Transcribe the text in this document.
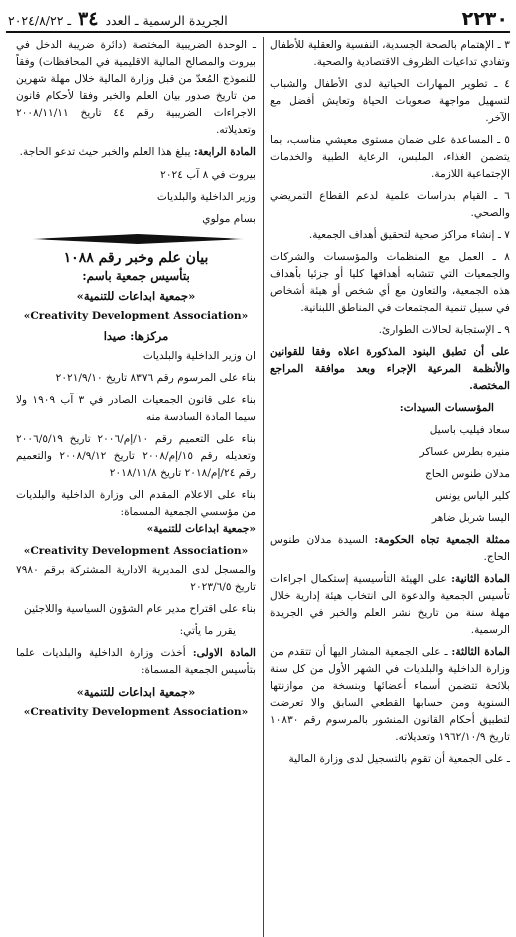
٢٢٣٠
الجريدة الرسمية ـ العدد ٣٤ ـ ٢٠٢٤/٨/٢٢

٣ ـ الإهتمام بالصحة الجسدية، النفسية والعقلية للأطفال وتفادي تداعيات الظروف الاقتصادية والصحية.

٤ ـ تطوير المهارات الحياتية لدى الأطفال والشباب لتسهيل مواجهة صعوبات الحياة وتعايش أفضل مع الآخر.

٥ ـ المساعدة على ضمان مستوى معيشي مناسب، بما يتضمن الغذاء، الملبس، الرعاية الطبية والخدمات الإجتماعية اللازمة.

٦ ـ القيام بدراسات علمية لدعم القطاع التمريضي والصحي.

٧ ـ إنشاء مراكز صحية لتحقيق أهداف الجمعية.

٨ ـ العمل مع المنظمات والمؤسسات والشركات والجمعيات التي تتشابه أهدافها كليا أو جزئيا بأهداف هذه الجمعية، والتعاون مع أي شخص أو هيئة أشخاص في سبيل تنمية المجتمعات في المناطق اللبنانية.

٩ ـ الإستجابة لحالات الطوارئ.

على أن تطبق البنود المذكورة اعلاه وفقا للقوانين والأنظمة المرعية الإجراء وبعد موافقة المراجع المختصة.

المؤسسات السيدات:

سعاد فيليب باسيل

منيره بطرس عساكر

مدلان طنوس الحاج

كلير الياس يونس

اليسا شربل ضاهر

ممثلة الجمعية تجاه الحكومة: السيدة مدلان طنوس الحاج.

المادة الثانية: على الهيئة التأسيسية إستكمال اجراءات تأسيس الجمعية والدعوة الى انتخاب هيئة إدارية خلال مهلة سنة من تاريخ نشر العلم والخبر في الجريدة الرسمية.

المادة الثالثة: ـ على الجمعية المشار اليها أن تتقدم من وزارة الداخلية والبلديات في الشهر الأول من كل سنة بلائحة تتضمن أسماء أعضائها وبنسخة من موازنتها السنوية ومن حسابها القطعي السابق والا تعرضت لتطبيق أحكام القانون المنشور بالمرسوم رقم ١٠٨٣٠ تاريخ ١٩٦٢/١٠/٩ وتعديلاته.

ـ على الجمعية أن تقوم بالتسجيل لدى وزارة المالية

ـ الوحدة الضريبية المختصة (دائرة ضريبة الدخل في بيروت والمصالح المالية الاقليمية في المحافظات) وفقاً للنموذج المُعدّ من قبل وزارة المالية خلال مهلة شهرين من تاريخ صدور بيان العلم والخبر وفقا لأحكام قانون الاجراءات الضريبية رقم ٤٤ تاريخ ٢٠٠٨/١١/١١ وتعديلاته.

المادة الرابعة: يبلغ هذا العلم والخبر حيث تدعو الحاجة.

بيروت في ٨ آب ٢٠٢٤

وزير الداخلية والبلديات

بسام مولوي

بيان علم وخبر رقم ١٠٨٨
بتأسيس جمعية باسم:
«جمعية ابداعات للتنمية»
«Creativity Development Association»
مركزها: صيدا

ان وزير الداخلية والبلديات

بناء على المرسوم رقم ٨٣٧٦ تاريخ ٢٠٢١/٩/١٠

بناء على قانون الجمعيات الصادر في ٣ آب ١٩٠٩ ولا سيما المادة السادسة منه

بناء على التعميم رقم ١٠/إم/٢٠٠٦ تاريخ ٢٠٠٦/٥/١٩ وتعديله رقم ١٥/إم/٢٠٠٨ تاريخ ٢٠٠٨/٩/١٢ والتعميم رقم ٢٤/إم/٢٠١٨ تاريخ ٢٠١٨/١١/٨

بناء على الاعلام المقدم الى وزارة الداخلية والبلديات من مؤسسي الجمعية المسماة:

«جمعية ابداعات للتنمية»

«Creativity Development Association»

والمسجل لدى المديرية الادارية المشتركة برقم ٧٩٨٠ تاريخ ٢٠٢٣/٦/٥

بناء على اقتراح مدير عام الشؤون السياسية واللاجئين

يقرر ما يأتي:

المادة الاولى: أخذت وزارة الداخلية والبلديات علما بتأسيس الجمعية المسماة:

«جمعية ابداعات للتنمية»
«Creativity Development Association»
